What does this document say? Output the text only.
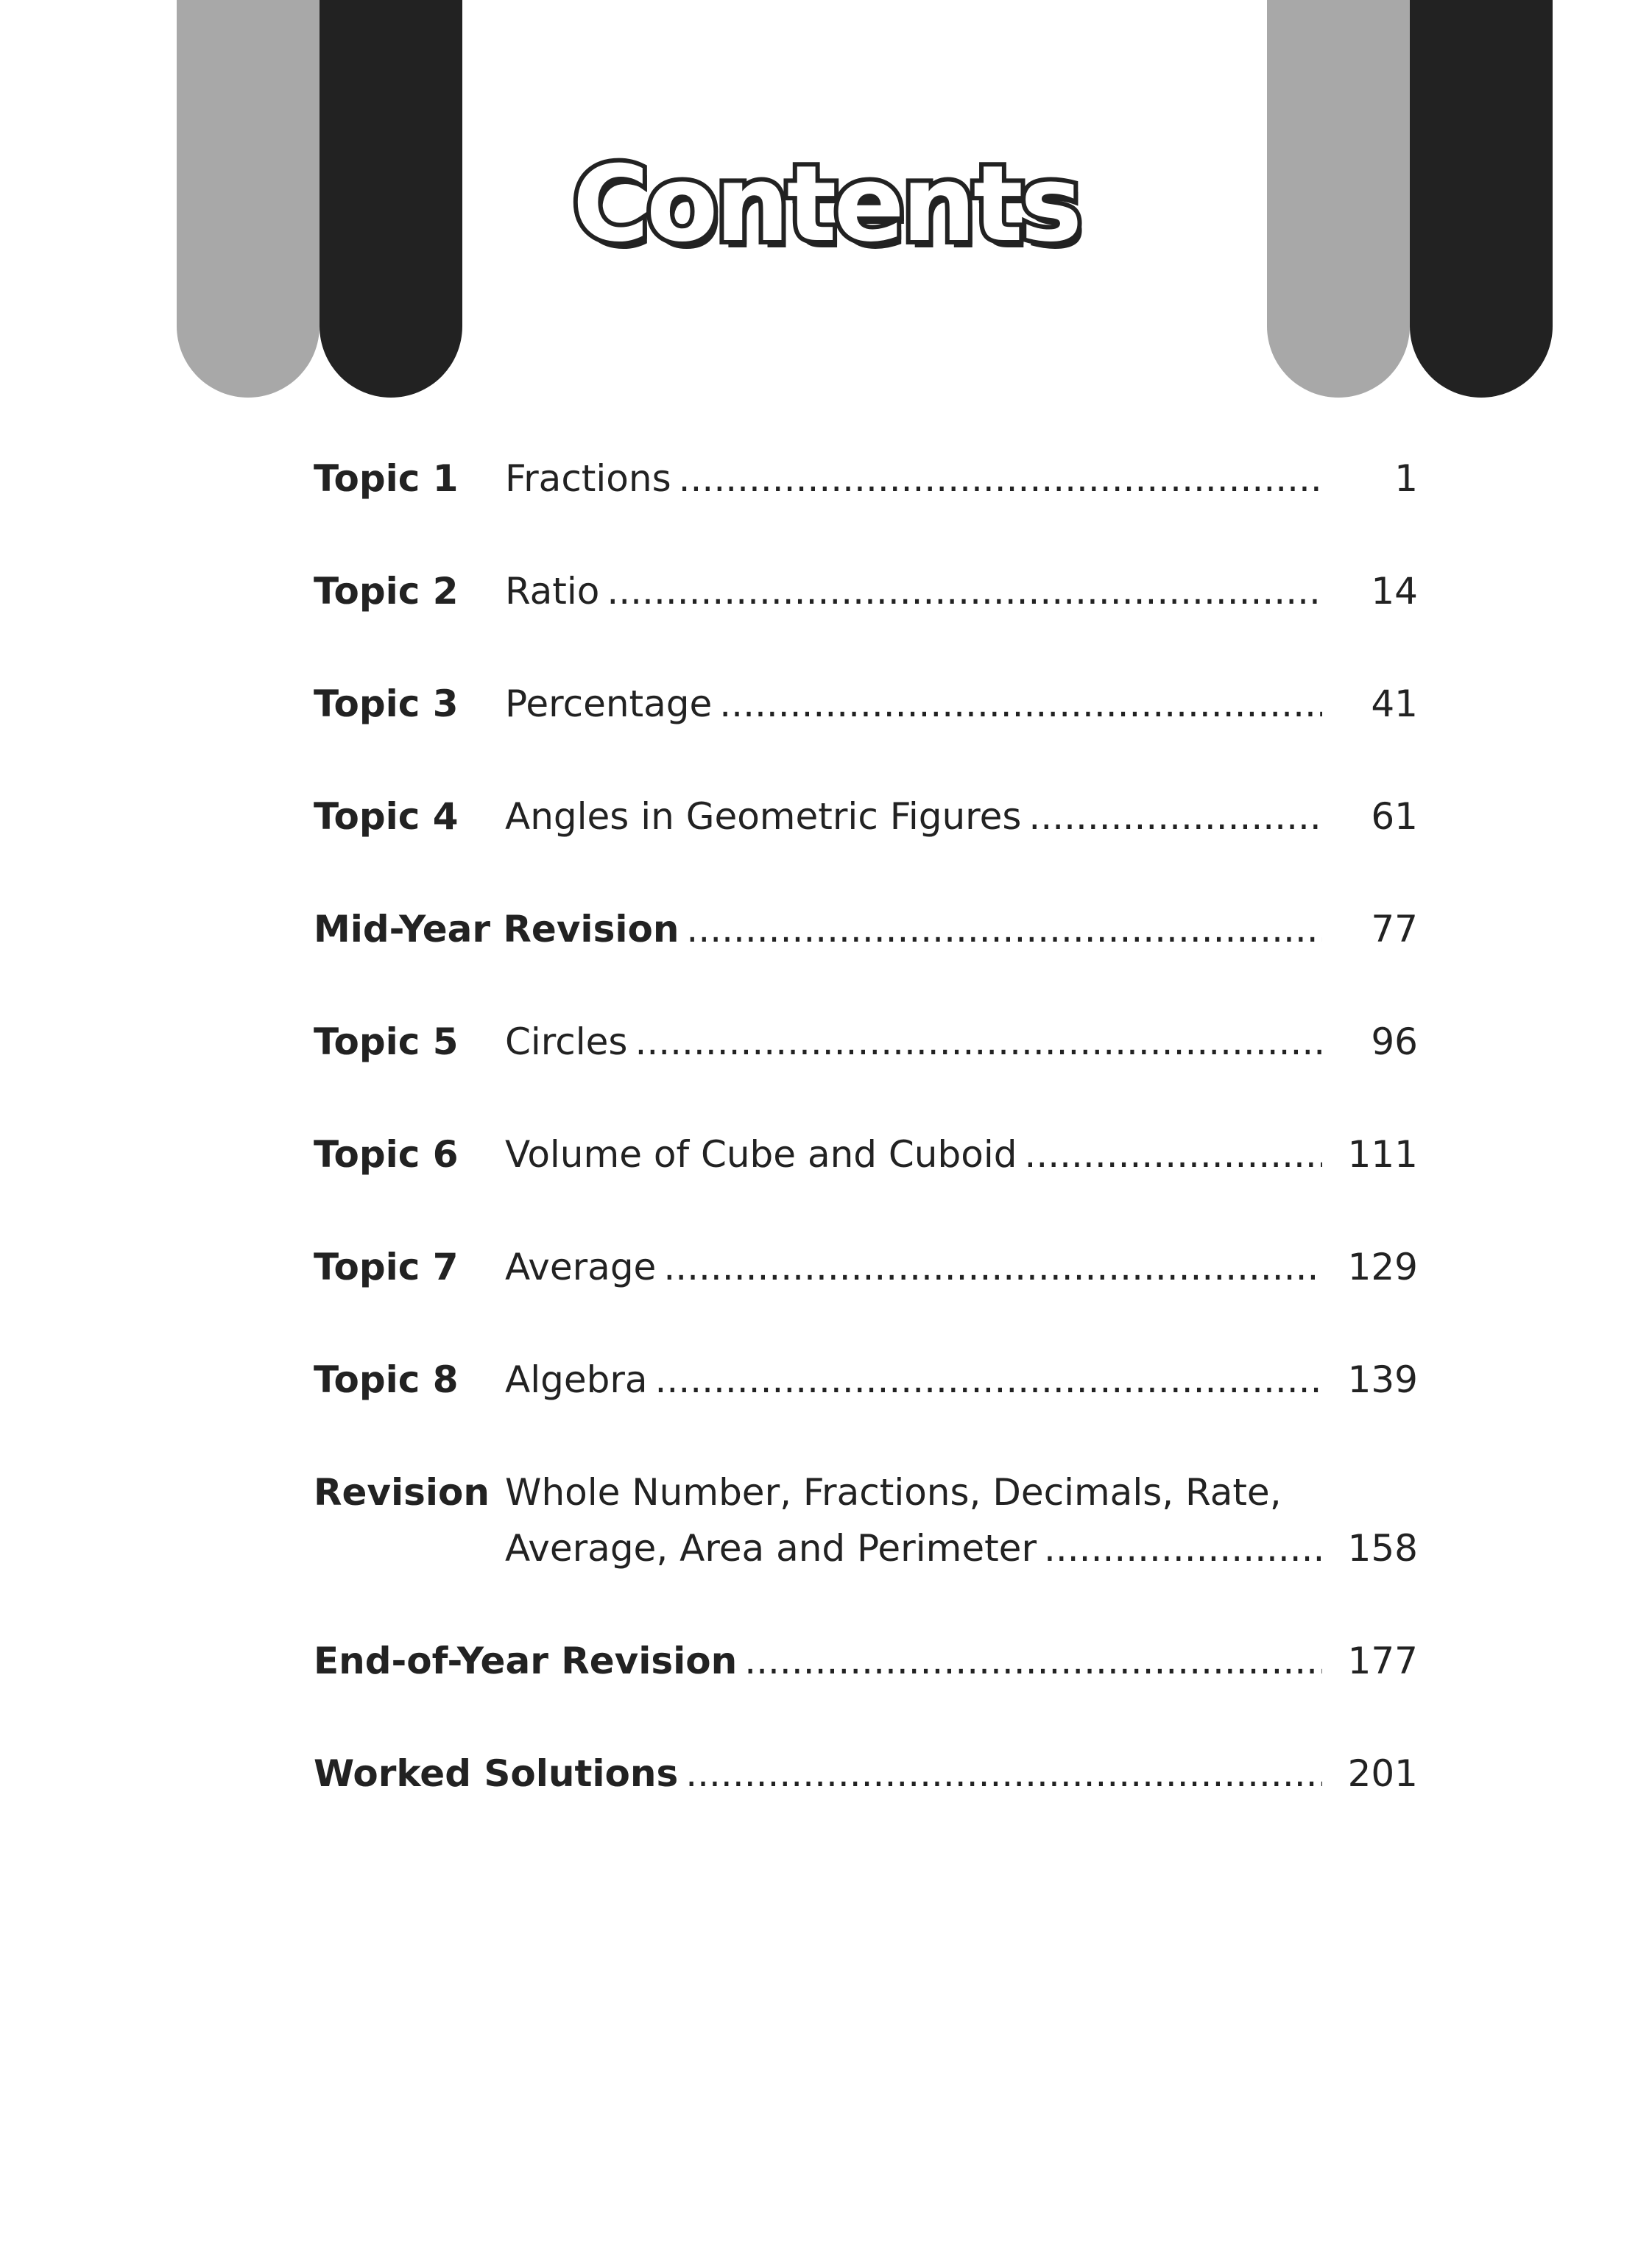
Contents
Topic 1 Fractions .....	1
Topic 2 Ratio .....	14
Topic 3 Percentage .....	41
Topic 4 Angles in Geometric Figures .....	61
Mid-Year Revision .....	77
Topic 5 Circles .....	96
Topic 6 Volume of Cube and Cuboid .....	111
Topic 7 Average .....	129
Topic 8 Algebra .....	139
Revision Whole Number, Fractions, Decimals, Rate,
Average, Area and Perimeter .....	158
End-of-Year Revision .....	177
Worked Solutions .....	201
